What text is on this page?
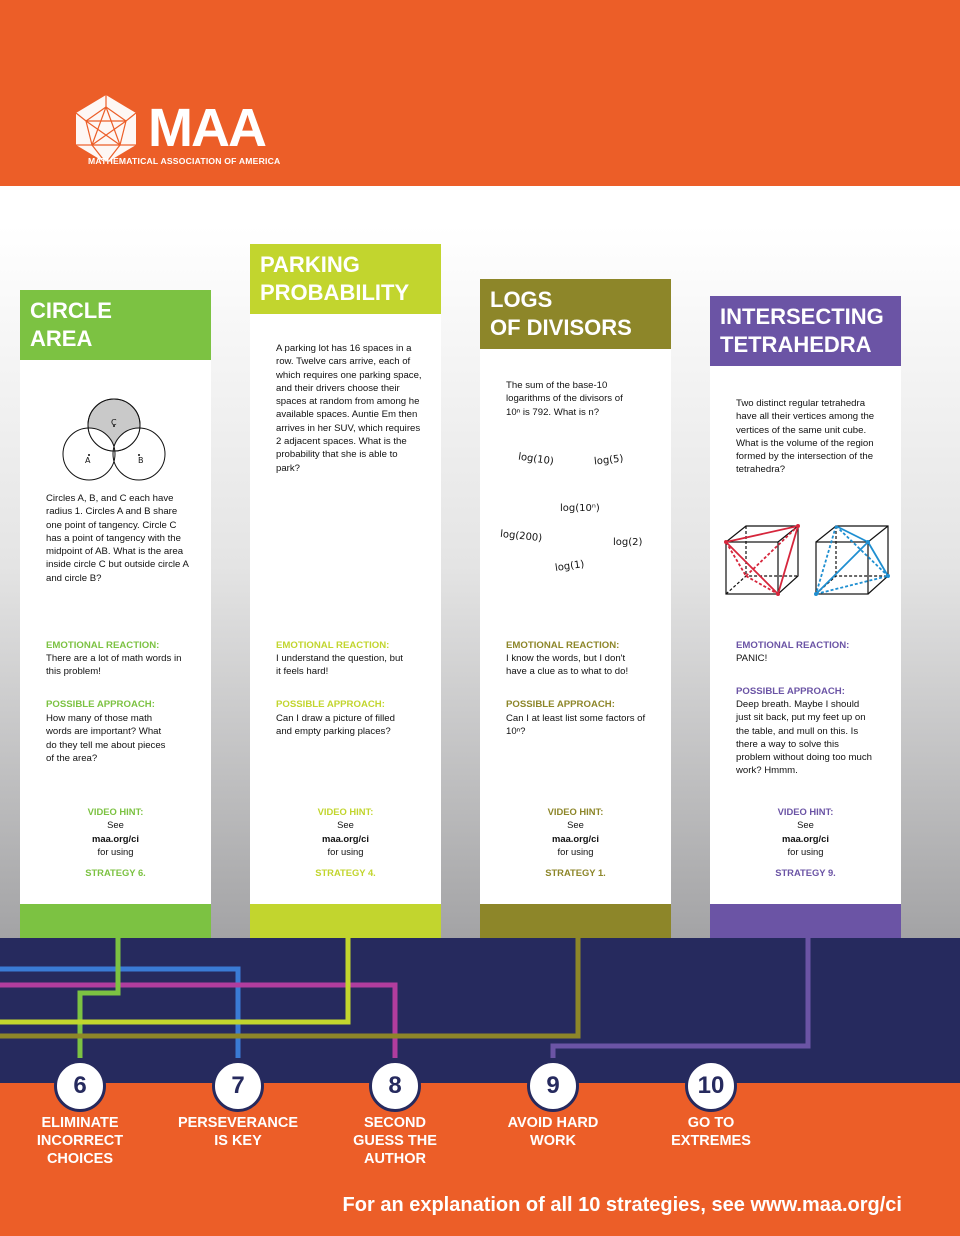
MAA
MATHEMATICAL ASSOCIATION OF AMERICA
CIRCLE
AREA
C
A	B
Circles A, B, and C each have radius 1. Circles A and B share one point of tangency. Circle C has a point of tangency with the midpoint of AB. What is the area inside circle C but outside circle A and circle B?
EMOTIONAL REACTION:
There are a lot of math words in this problem!
POSSIBLE APPROACH:
How many of those math words are important? What do they tell me about pieces of the area?
VIDEO HINT:
See
maa.org/ci
for using
STRATEGY 6.
PARKING
PROBABILITY
A parking lot has 16 spaces in a row. Twelve cars arrive, each of which requires one parking space, and their drivers choose their spaces at random from among he available spaces. Auntie Em then arrives in her SUV, which requires 2 adjacent spaces. What is the probability that she is able to park?
EMOTIONAL REACTION:
I understand the question, but it feels hard!
POSSIBLE APPROACH:
Can I draw a picture of filled and empty parking places?
VIDEO HINT:
See
maa.org/ci
for using
STRATEGY 4.
LOGS
OF DIVISORS
The sum of the base-10 logarithms of the divisors of 10ⁿ is 792. What is n?
log(10)	log(5)
log(10ⁿ)
log(200)	log(2)
log(1)
EMOTIONAL REACTION:
I know the words, but I don't have a clue as to what to do!
POSSIBLE APPROACH:
Can I at least list some factors of 10ⁿ?
VIDEO HINT:
See
maa.org/ci
for using
STRATEGY 1.
INTERSECTING
TETRAHEDRA
Two distinct regular tetrahedra have all their vertices among the vertices of the same unit cube. What is the volume of the region formed by the intersection of the tetrahedra?
EMOTIONAL REACTION:
PANIC!
POSSIBLE APPROACH:
Deep breath. Maybe I should just sit back, put my feet up on the table, and mull on this. Is there a way to solve this problem without doing too much work? Hmmm.
VIDEO HINT:
See
maa.org/ci
for using
STRATEGY 9.
6	7	8	9	10
ELIMINATE
INCORRECT
CHOICES
PERSEVERANCE
IS KEY
SECOND
GUESS THE
AUTHOR
AVOID HARD
WORK
GO TO
EXTREMES
For an explanation of all 10 strategies, see www.maa.org/ci
